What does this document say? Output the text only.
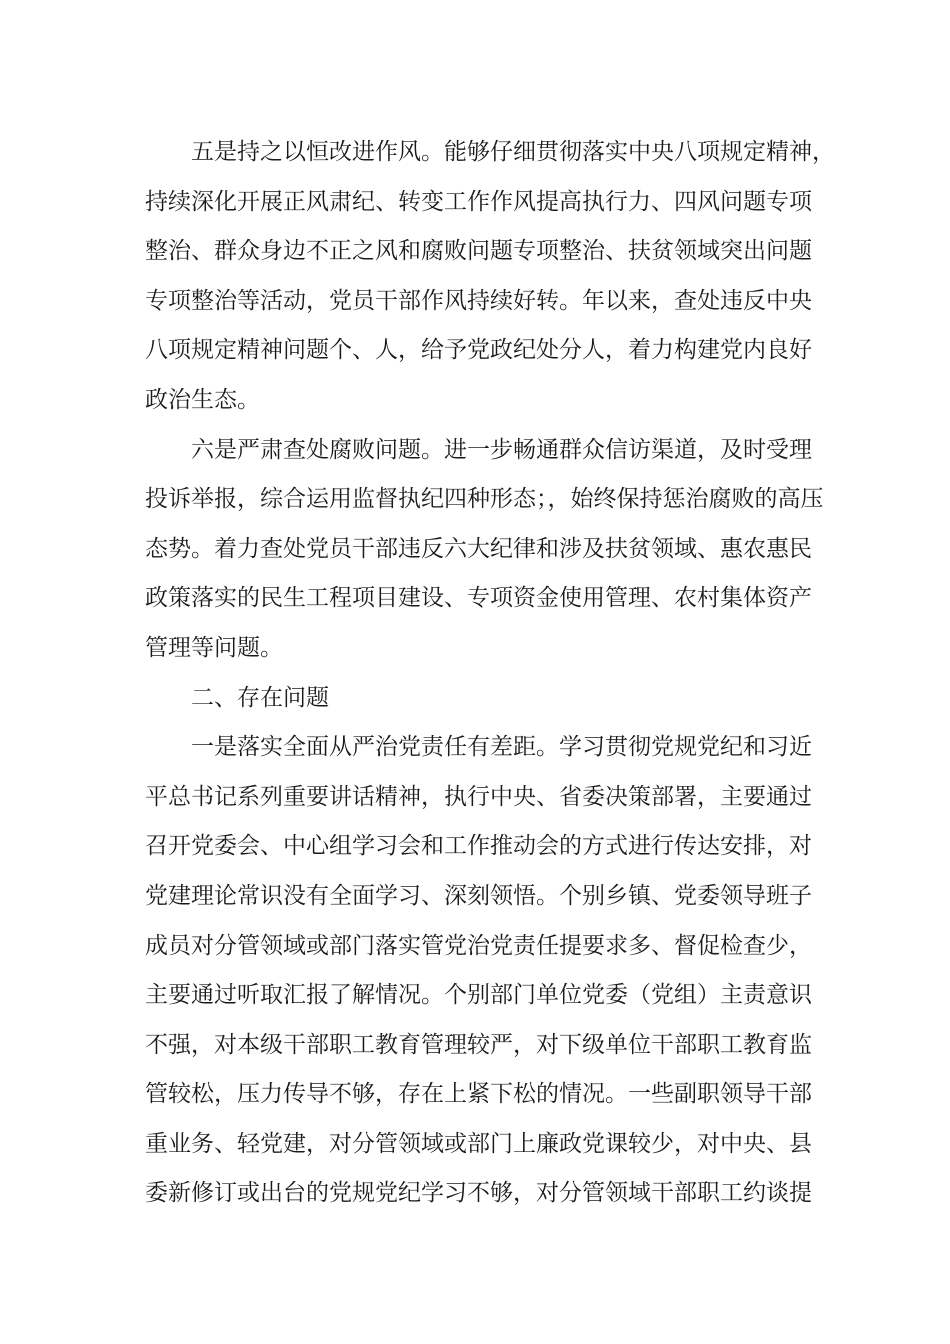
五是持之以恒改进作风。能够仔细贯彻落实中央八项规定精神，
持续深化开展正风肃纪、转变工作作风提高执行力、四风问题专项
整治、群众身边不正之风和腐败问题专项整治、扶贫领域突出问题
专项整治等活动，党员干部作风持续好转。年以来，查处违反中央
八项规定精神问题个、人，给予党政纪处分人，着力构建党内良好
政治生态。
六是严肃查处腐败问题。进一步畅通群众信访渠道，及时受理
投诉举报，综合运用监督执纪四种形态；，始终保持惩治腐败的高压
态势。着力查处党员干部违反六大纪律和涉及扶贫领域、惠农惠民
政策落实的民生工程项目建设、专项资金使用管理、农村集体资产
管理等问题。
二、存在问题
一是落实全面从严治党责任有差距。学习贯彻党规党纪和习近
平总书记系列重要讲话精神，执行中央、省委决策部署，主要通过
召开党委会、中心组学习会和工作推动会的方式进行传达安排，对
党建理论常识没有全面学习、深刻领悟。个别乡镇、党委领导班子
成员对分管领域或部门落实管党治党责任提要求多、督促检查少，
主要通过听取汇报了解情况。个别部门单位党委（党组）主责意识
不强，对本级干部职工教育管理较严，对下级单位干部职工教育监
管较松，压力传导不够，存在上紧下松的情况。一些副职领导干部
重业务、轻党建，对分管领域或部门上廉政党课较少，对中央、县
委新修订或出台的党规党纪学习不够，对分管领域干部职工约谈提
